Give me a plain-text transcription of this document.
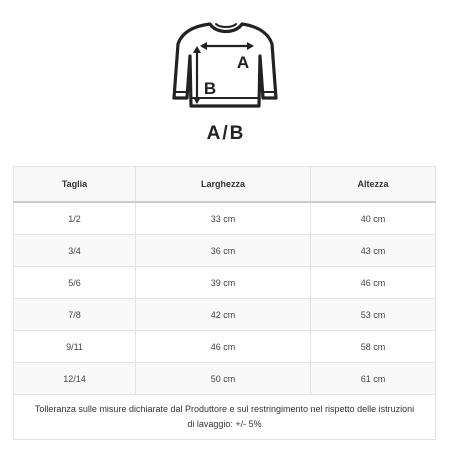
A
B
A/B
Taglia	Larghezza	Altezza
1/2	33 cm	40 cm
3/4	36 cm	43 cm
5/6	39 cm	46 cm
7/8	42 cm	53 cm
9/11	46 cm	58 cm
12/14	50 cm	61 cm
Tolleranza sulle misure dichiarate dal Produttore e sul restringimento nel rispetto delle istruzioni di lavaggio: +/- 5%		
